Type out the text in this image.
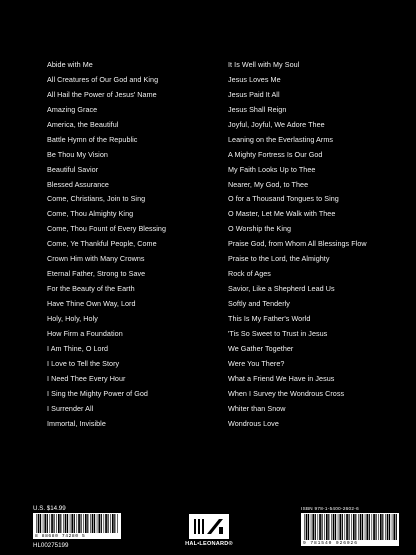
Abide with Me
All Creatures of Our God and King
All Hail the Power of Jesus' Name
Amazing Grace
America, the Beautiful
Battle Hymn of the Republic
Be Thou My Vision
Beautiful Savior
Blessed Assurance
Come, Christians, Join to Sing
Come, Thou Almighty King
Come, Thou Fount of Every Blessing
Come, Ye Thankful People, Come
Crown Him with Many Crowns
Eternal Father, Strong to Save
For the Beauty of the Earth
Have Thine Own Way, Lord
Holy, Holy, Holy
How Firm a Foundation
I Am Thine, O Lord
I Love to Tell the Story
I Need Thee Every Hour
I Sing the Mighty Power of God
I Surrender All
Immortal, Invisible
It Is Well with My Soul
Jesus Loves Me
Jesus Paid It All
Jesus Shall Reign
Joyful, Joyful, We Adore Thee
Leaning on the Everlasting Arms
A Mighty Fortress Is Our God
My Faith Looks Up to Thee
Nearer, My God, to Thee
O for a Thousand Tongues to Sing
O Master, Let Me Walk with Thee
O Worship the King
Praise God, from Whom All Blessings Flow
Praise to the Lord, the Almighty
Rock of Ages
Savior, Like a Shepherd Lead Us
Softly and Tenderly
This Is My Father's World
'Tis So Sweet to Trust in Jesus
We Gather Together
Were You There?
What a Friend We Have in Jesus
When I Survey the Wondrous Cross
Whiter than Snow
Wondrous Love
U.S. $14.99
8 88680 74280 5
HL00275199	HAL•LEONARD®
ISBN 978-1-5400-2602-6
9 781540 026026
